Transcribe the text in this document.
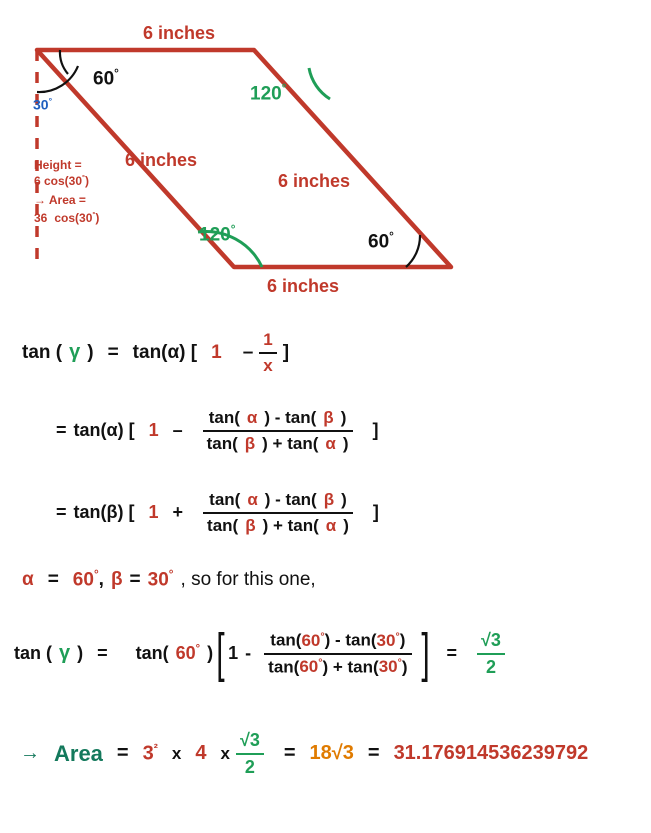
6 inches
60°
30°	120°
6 inches
6 inches
120°
60°
6 inches
Height =
6 cos(30°)
→ Area =
36 cos(30°)
tan ( γ ) = tan(α) [ $1 - \frac{1}{x}$ ]
= tan(α) [ $1 - \frac{\tan( \alpha ) - \tan( \beta )}{\tan( \beta ) + \tan( \alpha )}$ ]
= tan(β) [ $1 + \frac{\tan( \alpha ) - \tan( \beta )}{\tan( \beta ) + \tan( \alpha )}$ ]
α = 60° , β = 30° , so for this one,
tan ( γ ) = tan( 60° ) [ $1 - \frac{\tan(60^\circ) - \tan(30^\circ)}{\tan(60^\circ) + \tan(30^\circ)}$ ] = $\frac{√3}{2}$
→ Area = $3^{^2}$ x 4 x $\frac{√3}{2} = 18√3 = 31.176914536239792$
